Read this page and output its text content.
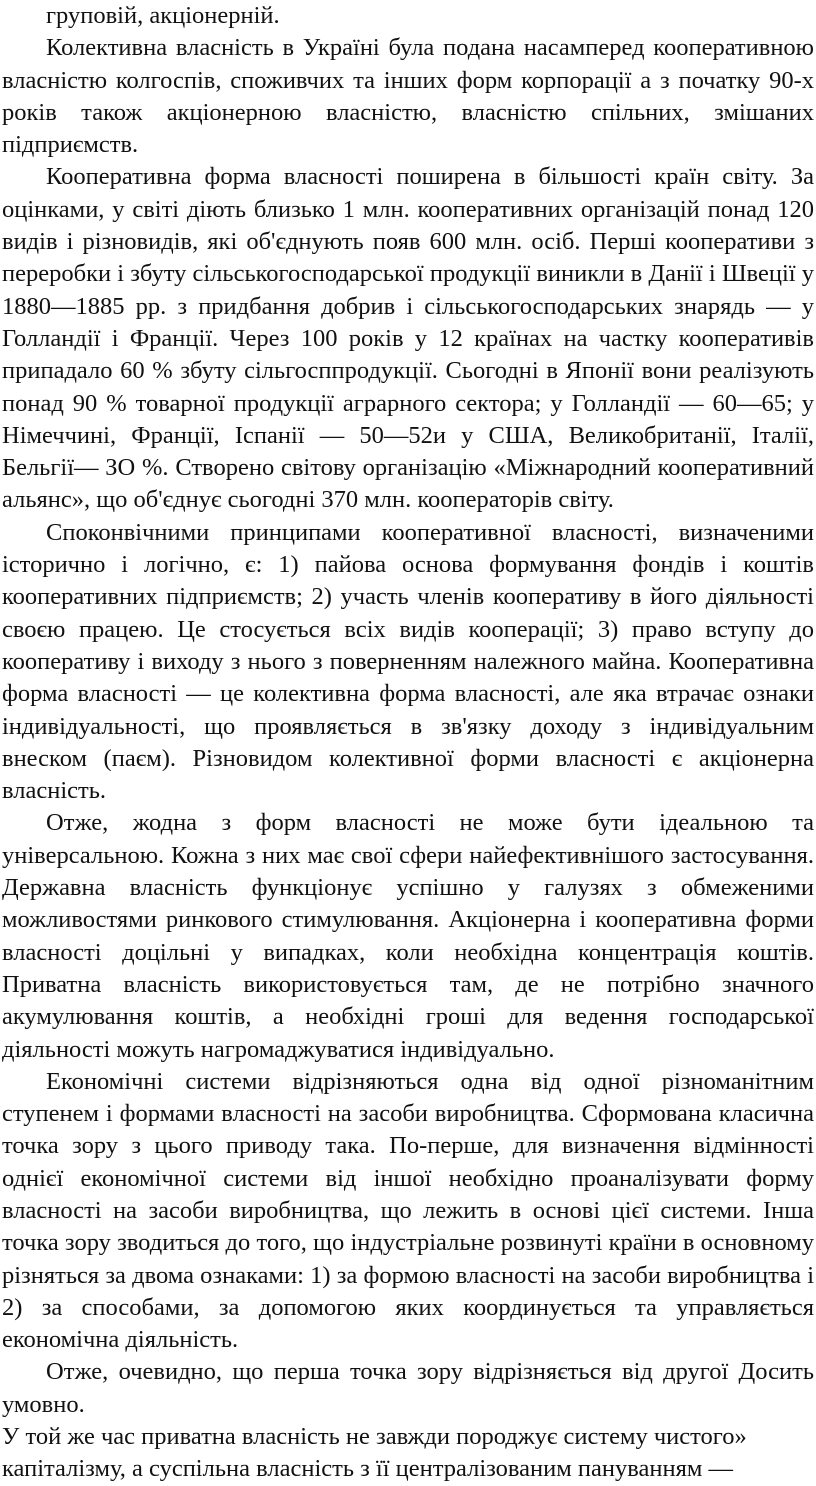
груповій, акціонерній.

Колективна власність в Україні була подана насамперед кооперативною власністю колгоспів, споживчих та інших форм корпорації а з початку 90-х років також акціонерною власністю, власністю спільних, змішаних підприємств.

Кооперативна форма власності поширена в більшості країн світу. За оцінками, у світі діють близько 1 млн. кооперативних організацій понад 120 видів і різновидів, які об'єднують появ 600 млн. осіб. Перші кооперативи з переробки і збуту сільськогосподарської продукції виникли в Данії і Швеції у 1880—1885 рр. з придбання добрив і сільськогосподарських знарядь — у Голландії і Франції. Через 100 років у 12 країнах на частку кооперативів припадало 60 % збуту сільгосппродукції. Сьогодні в Японії вони реалізують понад 90 % товарної продукції аграрного сектора; у Голландії — 60—65; у Німеччині, Франції, Іспанії — 50—52и у США, Великобританії, Італії, Бельгії— ЗО %. Створено світову організацію «Міжнародний кооперативний альянс», що об'єднує сьогодні 370 млн. кооператорів світу.

Споконвічними принципами кооперативної власності, визначеними історично і логічно, є: 1) пайова основа формування фондів і коштів кооперативних підприємств; 2) участь членів кооперативу в його діяльності своєю працею. Це стосується всіх видів кооперації; 3) право вступу до кооперативу і виходу з нього з поверненням належного майна. Кооперативна форма власності — це колективна форма власності, але яка втрачає ознаки індивідуальності, що проявляється в зв'язку доходу з індивідуальним внеском (паєм). Різновидом колективної форми власності є акціонерна власність.

Отже, жодна з форм власності не може бути ідеальною та універсальною. Кожна з них має свої сфери найефективнішого застосування. Державна власність функціонує успішно у галузях з обмеженими можливостями ринкового стимулювання. Акціонерна і кооперативна форми власності доцільні у випадках, коли необхідна концентрація коштів. Приватна власність використовується там, де не потрібно значного акумулювання коштів, а необхідні гроші для ведення господарської діяльності можуть нагромаджуватися індивідуально.

Економічні системи відрізняються одна від одної різноманітним ступенем і формами власності на засоби виробництва. Сформована класична точка зору з цього приводу така. По-перше, для визначення відмінності однієї економічної системи від іншої необхідно проаналізувати форму власності на засоби виробництва, що лежить в основі цієї системи. Інша точка зору зводиться до того, що індустріальне розвинуті країни в основному різняться за двома ознаками: 1) за формою власності на засоби виробництва і 2) за способами, за допомогою яких координується та управляється економічна діяльність.

Отже, очевидно, що перша точка зору відрізняється від другої Досить умовно.

У той же час приватна власність не завжди породжує систему чистого» капіталізму, а суспільна власність з її централізованим пануванням —
